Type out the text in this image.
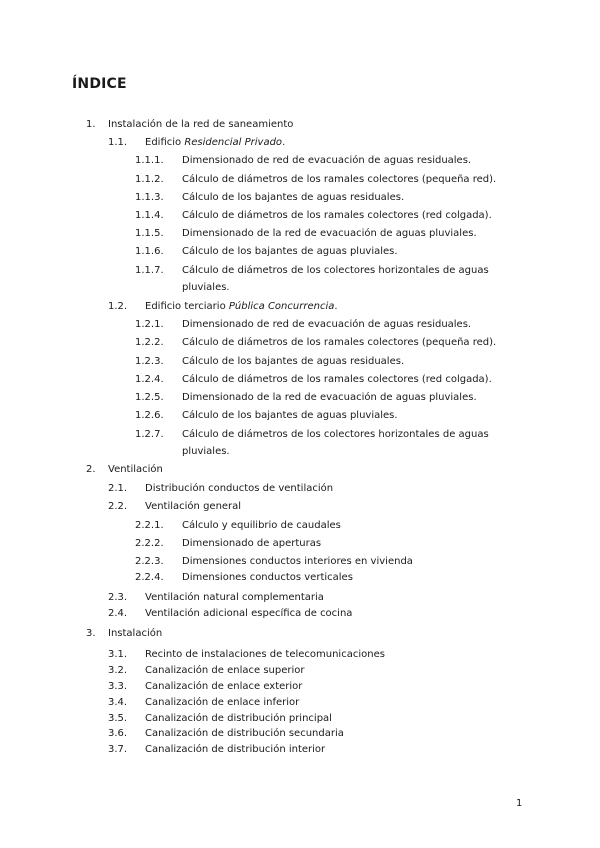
ÍNDICE
1. Instalación de la red de saneamiento
1.1. Edificio Residencial Privado.
1.1.1. Dimensionado de red de evacuación de aguas residuales.
1.1.2. Cálculo de diámetros de los ramales colectores (pequeña red).
1.1.3. Cálculo de los bajantes de aguas residuales.
1.1.4. Cálculo de diámetros de los ramales colectores (red colgada).
1.1.5. Dimensionado de la red de evacuación de aguas pluviales.
1.1.6. Cálculo de los bajantes de aguas pluviales.
1.1.7. Cálculo de diámetros de los colectores horizontales de aguas
pluviales.
1.2. Edificio terciario Pública Concurrencia.
1.2.1. Dimensionado de red de evacuación de aguas residuales.
1.2.2. Cálculo de diámetros de los ramales colectores (pequeña red).
1.2.3. Cálculo de los bajantes de aguas residuales.
1.2.4. Cálculo de diámetros de los ramales colectores (red colgada).
1.2.5. Dimensionado de la red de evacuación de aguas pluviales.
1.2.6. Cálculo de los bajantes de aguas pluviales.
1.2.7. Cálculo de diámetros de los colectores horizontales de aguas
pluviales.
2. Ventilación
2.1. Distribución conductos de ventilación
2.2. Ventilación general
2.2.1. Cálculo y equilibrio de caudales
2.2.2. Dimensionado de aperturas
2.2.3. Dimensiones conductos interiores en vivienda
2.2.4. Dimensiones conductos verticales
2.3. Ventilación natural complementaria
2.4. Ventilación adicional específica de cocina
3. Instalación
3.1. Recinto de instalaciones de telecomunicaciones
3.2. Canalización de enlace superior
3.3. Canalización de enlace exterior
3.4. Canalización de enlace inferior
3.5. Canalización de distribución principal
3.6. Canalización de distribución secundaria
3.7. Canalización de distribución interior
1
